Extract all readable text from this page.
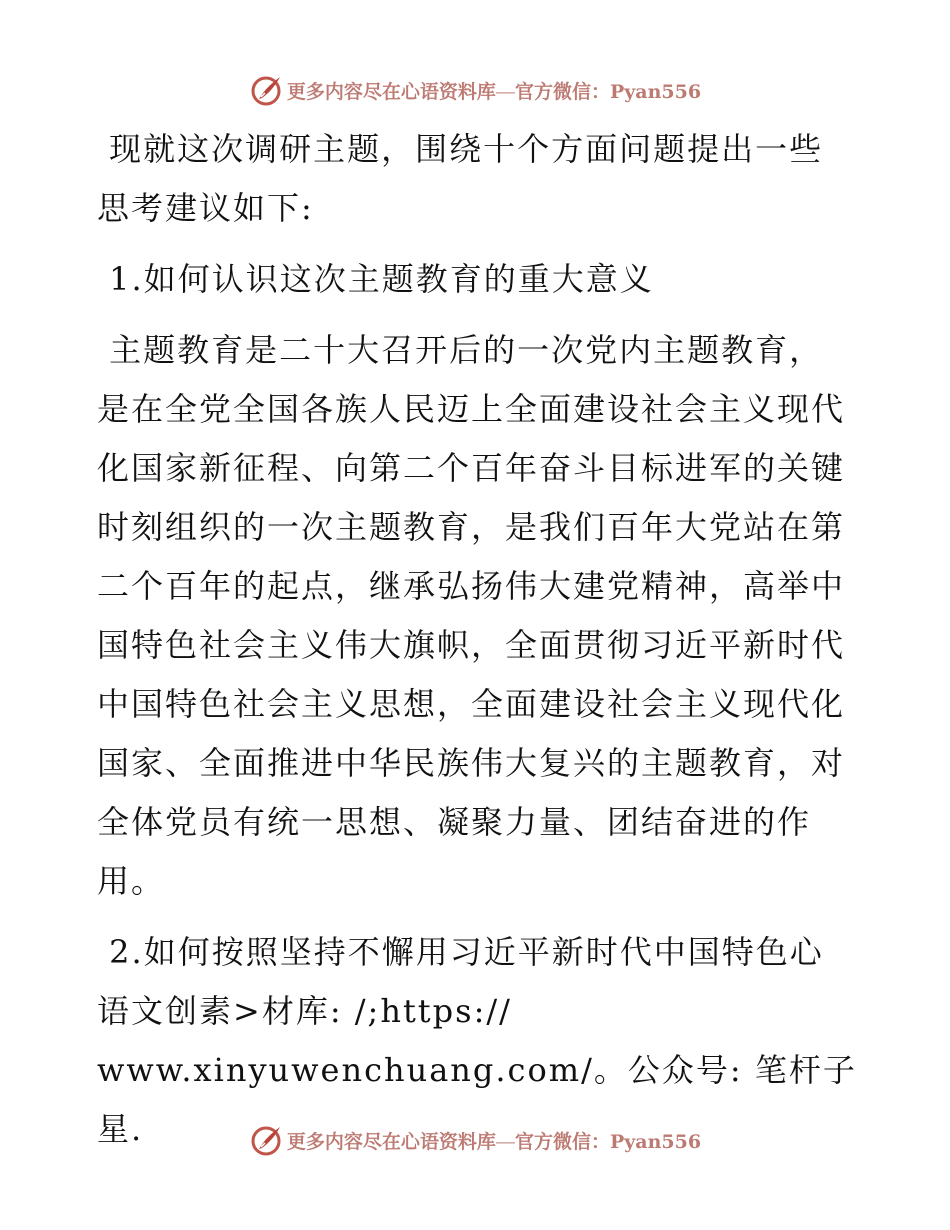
更多内容尽在心语资料库—官方微信：Pyan556

现就这次调研主题，围绕十个方面问题提出一些
思考建议如下:

1.如何认识这次主题教育的重大意义

主题教育是二十大召开后的一次党内主题教育，
是在全党全国各族人民迈上全面建设社会主义现代
化国家新征程、向第二个百年奋斗目标进军的关键
时刻组织的一次主题教育，是我们百年大党站在第
二个百年的起点，继承弘扬伟大建党精神，高举中
国特色社会主义伟大旗帜，全面贯彻习近平新时代
中国特色社会主义思想，全面建设社会主义现代化
国家、全面推进中华民族伟大复兴的主题教育，对
全体党员有统一思想、凝聚力量、团结奋进的作
用。

2.如何按照坚持不懈用习近平新时代中国特色心
语文创素>材库: /;https://
www.xinyuwenchuang.com/。公众号: 笔杆子星.	更多内容尽在心语资料库—官方微信：Pyan556
